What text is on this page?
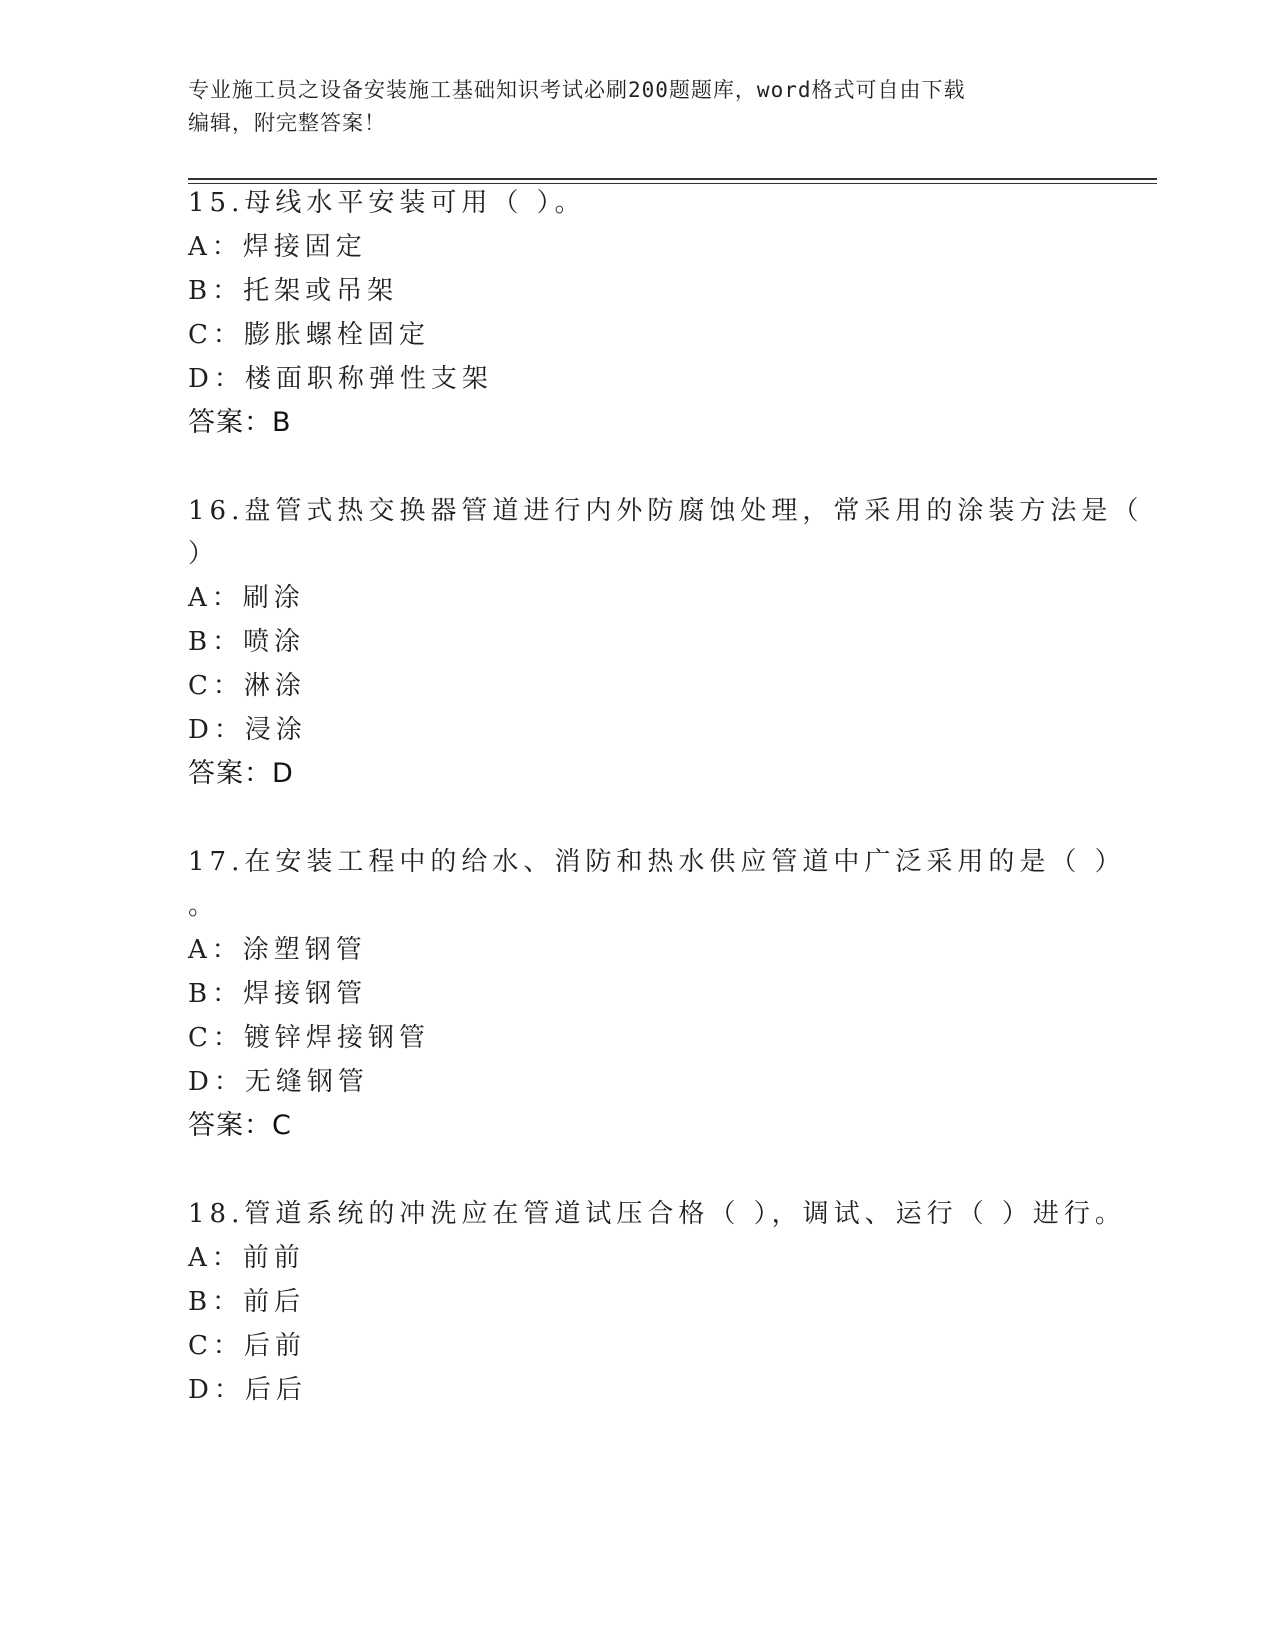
专业施工员之设备安装施工基础知识考试必刷200题题库，word格式可自由下载
编辑，附完整答案！
15.母线水平安装可用（ ）。
A：焊接固定
B：托架或吊架
C：膨胀螺栓固定
D：楼面职称弹性支架
答案：B
16.盘管式热交换器管道进行内外防腐蚀处理，常采用的涂装方法是（
）
A：刷涂
B：喷涂
C：淋涂
D：浸涂
答案：D
17.在安装工程中的给水、消防和热水供应管道中广泛采用的是（ ）
。
A：涂塑钢管
B：焊接钢管
C：镀锌焊接钢管
D：无缝钢管
答案：C
18.管道系统的冲洗应在管道试压合格（ ），调试、运行（ ）进行。
A：前前
B：前后
C：后前
D：后后
